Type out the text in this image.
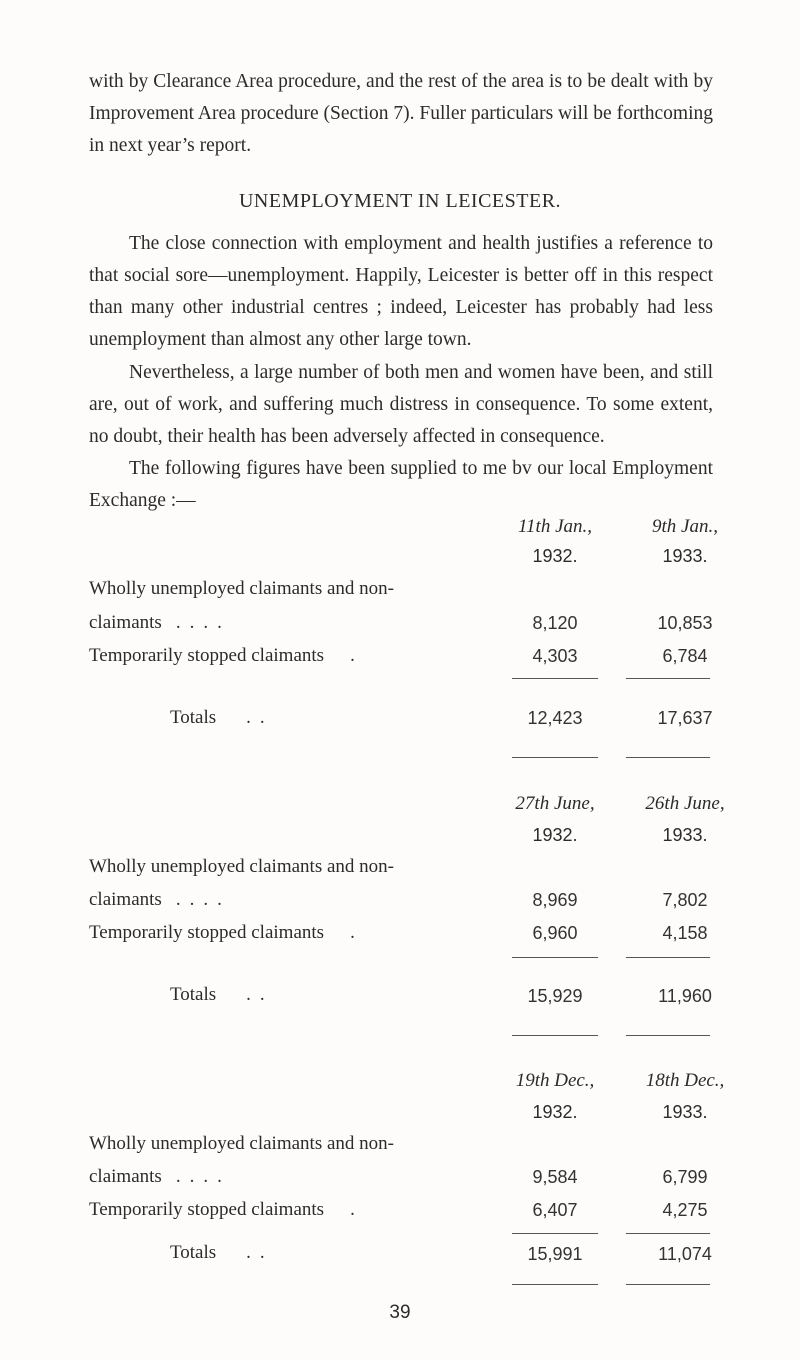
with by Clearance Area procedure, and the rest of the area is to be dealt with by Improvement Area procedure (Section 7). Fuller particulars will be forthcoming in next year’s report.

UNEMPLOYMENT IN LEICESTER.

The close connection with employment and health justifies a reference to that social sore—unemployment. Happily, Leicester is better off in this respect than many other industrial centres ; indeed, Leicester has probably had less unemployment than almost any other large town.

Nevertheless, a large number of both men and women have been, and still are, out of work, and suffering much distress in consequence. To some extent, no doubt, their health has been adversely affected in consequence.

The following figures have been supplied to me bv our local Employment Exchange :—

11th Jan.,	9th Jan.,
1932.	1933.
Wholly unemployed claimants and non-
claimants ....	8,120	10,853
Temporarily stopped claimants .	4,303	6,784
Totals ..	12,423	17,637
27th June,	26th June,
1932.	1933.
Wholly unemployed claimants and non-
claimants ....	8,969	7,802
Temporarily stopped claimants .	6,960	4,158
Totals ..	15,929	11,960
19th Dec.,	18th Dec.,
1932.	1933.
Wholly unemployed claimants and non-
claimants ....	9,584	6,799
Temporarily stopped claimants .	6,407	4,275
Totals ..	15,991	11,074
39
